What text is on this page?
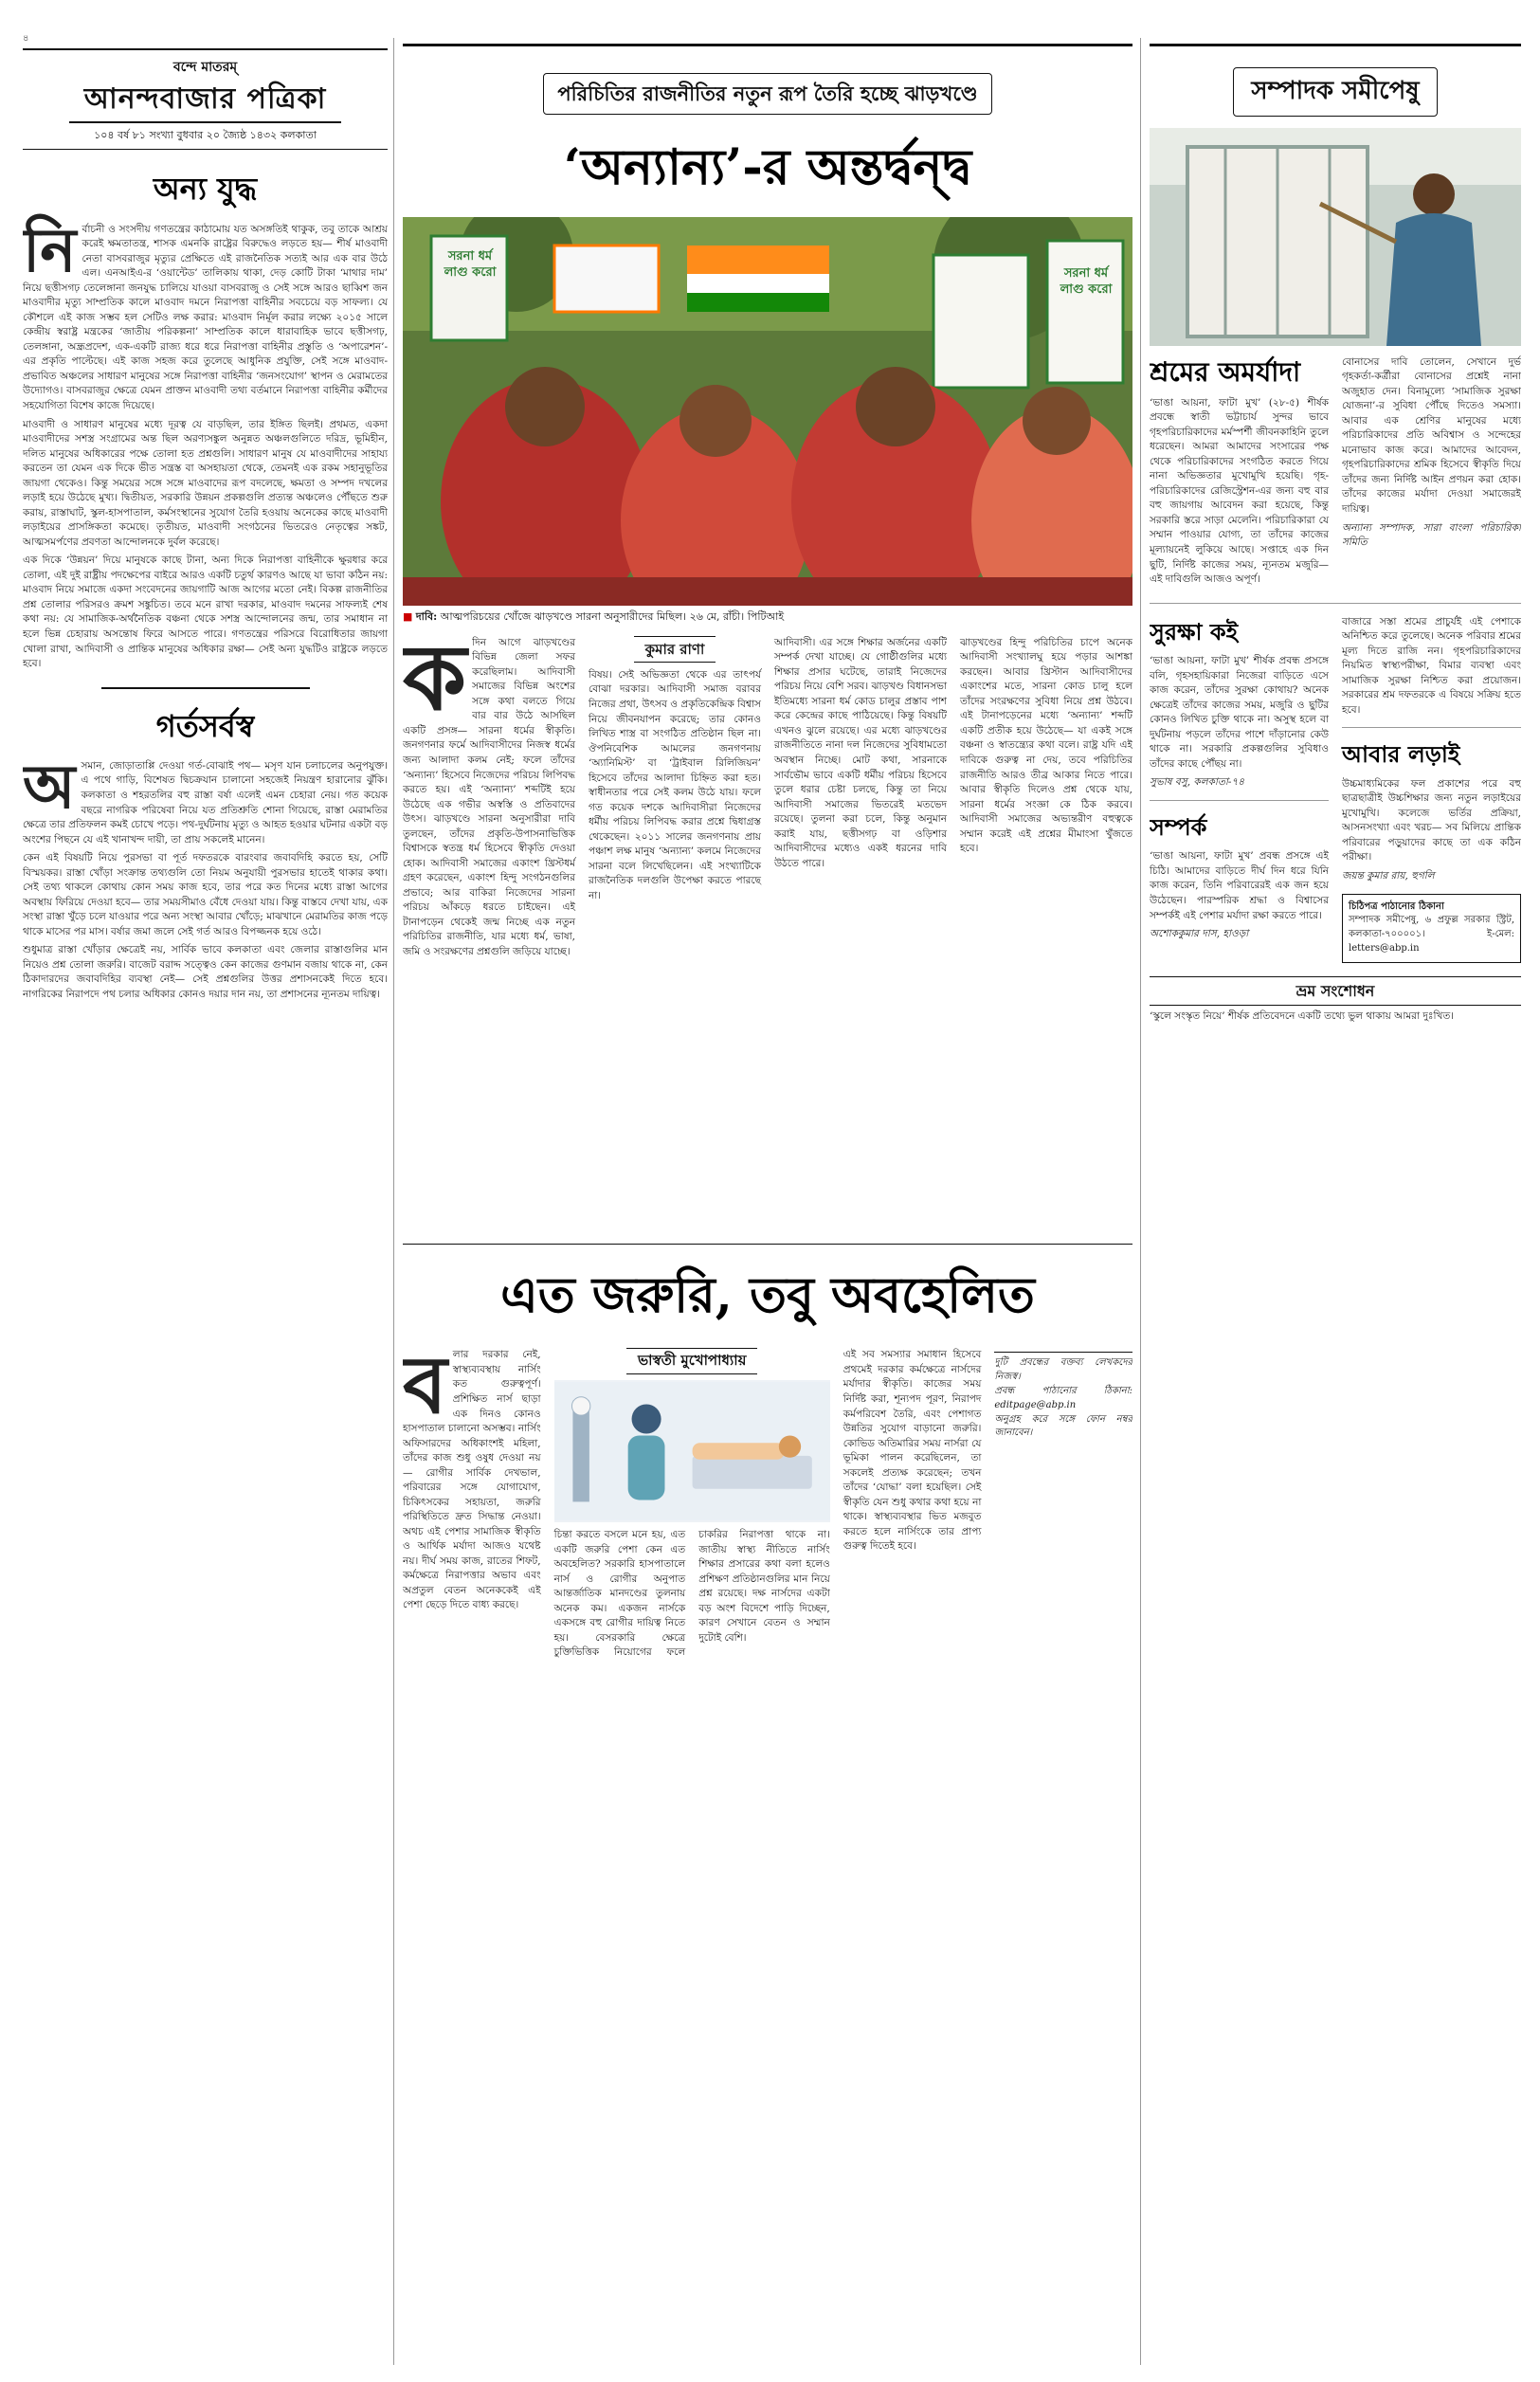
৪
বন্দে মাতরম্‌
আনন্দবাজার পত্রিকা
১০৪ বর্ষ ৮১ সংখ্যা বুধবার ২০ জ্যৈষ্ঠ ১৪৩২ কলকাতা
অন্য যুদ্ধ
নি র্বাচনী ও সংসদীয় গণতন্ত্রের কাঠামোয় যত অসঙ্গতিই থাকুক, তবু তাকে আশ্রয় করেই ক্ষমতাতন্ত্র, শাসক এমনকি রাষ্ট্রের বিরুদ্ধেও লড়তে হয়— শীর্ষ মাওবাদী নেতা বাসবরাজুর মৃত্যুর প্রেক্ষিতে এই রাজনৈতিক সত্যই আর এক বার উঠে এল। এনআইএ-র ‘ওয়ান্টেড’ তালিকায় থাকা, দেড় কোটি টাকা ‘মাথার দাম’ নিয়ে ছত্তীসগঢ় তেলেঙ্গানা জনযুদ্ধ চালিয়ে যাওয়া বাসবরাজু ও সেই সঙ্গে আরও ছাব্বিশ জন মাওবাদীর মৃত্যু সাম্প্রতিক কালে মাওবাদ দমনে নিরাপত্তা বাহিনীর সবচেয়ে বড় সাফল্য। যে কৌশলে এই কাজ সম্ভব হল সেটিও লক্ষ করার: মাওবাদ নির্মূল করার লক্ষ্যে ২০১৫ সালে কেন্দ্রীয় স্বরাষ্ট্র মন্ত্রকের ‘জাতীয় পরিকল্পনা’ সাম্প্রতিক কালে ধারাবাহিক ভাবে ছত্তীসগঢ়, তেলঙ্গানা, অন্ধ্রপ্রদেশ, এক-একটি রাজ্য ধরে ধরে নিরাপত্তা বাহিনীর প্রস্তুতি ও ‘অপারেশন’-এর প্রকৃতি পাল্টেছে। এই কাজ সহজ করে তুলেছে আধুনিক প্রযুক্তি, সেই সঙ্গে মাওবাদ-প্রভাবিত অঞ্চলের সাধারণ মানুষের সঙ্গে নিরাপত্তা বাহিনীর ‘জনসংযোগ’ স্থাপন ও মেরামতের উদ্যোগও। বাসবরাজুর ক্ষেত্রে যেমন প্রাক্তন মাওবাদী তথ্য বর্তমানে নিরাপত্তা বাহিনীর কর্মীদের সহযোগিতা বিশেষ কাজে দিয়েছে।

মাওবাদী ও সাধারণ মানুষের মধ্যে দূরত্ব যে বাড়ছিল, তার ইঙ্গিত ছিলই। প্রথমত, একদা মাওবাদীদের সশস্ত্র সংগ্রামের অন্ত ছিল অরণ্যসঙ্কুল অনুন্নত অঞ্চলগুলিতে দরিদ্র, ভূমিহীন, দলিত মানুষের অধিকারের পক্ষে তোলা হত প্রশ্নগুলি। সাধারণ মানুষ যে মাওবাদীদের সাহায্য করতেন তা যেমন এক দিকে ভীত সন্ত্রস্ত বা অসহায়তা থেকে, তেমনই এক রকম সহানুভূতির জায়গা থেকেও। কিন্তু সময়ের সঙ্গে সঙ্গে মাওবাদের রূপ বদলেছে, ক্ষমতা ও সম্পদ দখলের লড়াই হয়ে উঠেছে মুখ্য। দ্বিতীয়ত, সরকারি উন্নয়ন প্রকল্পগুলি প্রত্যন্ত অঞ্চলেও পৌঁছতে শুরু করায়, রাস্তাঘাট, স্কুল-হাসপাতাল, কর্মসংস্থানের সুযোগ তৈরি হওয়ায় অনেকের কাছে মাওবাদী লড়াইয়ের প্রাসঙ্গিকতা কমেছে। তৃতীয়ত, মাওবাদী সংগঠনের ভিতরেও নেতৃত্বের সঙ্কট, আত্মসমর্পণের প্রবণতা আন্দোলনকে দুর্বল করেছে।

এক দিকে ‘উন্নয়ন’ দিয়ে মানুষকে কাছে টানা, অন্য দিকে নিরাপত্তা বাহিনীকে ক্ষুরধার করে তোলা, এই দুই রাষ্ট্রীয় পদক্ষেপের বাইরে আরও একটি চতুর্থ কারণও আছে যা ভাবা কঠিন নয়: মাওবাদ নিয়ে সমাজে একদা সংবেদনের জায়গাটি আজ আগের মতো নেই। বিকল্প রাজনীতির প্রশ্ন তোলার পরিসরও ক্রমশ সঙ্কুচিত। তবে মনে রাখা দরকার, মাওবাদ দমনের সাফল্যই শেষ কথা নয়: যে সামাজিক-অর্থনৈতিক বঞ্চনা থেকে সশস্ত্র আন্দোলনের জন্ম, তার সমাধান না হলে ভিন্ন চেহারায় অসন্তোষ ফিরে আসতে পারে। গণতন্ত্রের পরিসরে বিরোধিতার জায়গা খোলা রাখা, আদিবাসী ও প্রান্তিক মানুষের অধিকার রক্ষা— সেই অন্য যুদ্ধটিও রাষ্ট্রকে লড়তে হবে।

গর্তসর্বস্ব
অ সমান, জোড়াতাপ্পি দেওয়া গর্ত-বোঝাই পথ— মসৃণ যান চলাচলের অনুপযুক্ত। এ পথে গাড়ি, বিশেষত দ্বিচক্রযান চালানো সহজেই নিয়ন্ত্রণ হারানোর ঝুঁকি। কলকাতা ও শহরতলির বহু রাস্তা বর্ষা এলেই এমন চেহারা নেয়। গত কয়েক বছরে নাগরিক পরিষেবা নিয়ে যত প্রতিশ্রুতি শোনা গিয়েছে, রাস্তা মেরামতির ক্ষেত্রে তার প্রতিফলন কমই চোখে পড়ে। পথ-দুর্ঘটনায় মৃত্যু ও আহত হওয়ার ঘটনার একটা বড় অংশের পিছনে যে এই খানাখন্দ দায়ী, তা প্রায় সকলেই মানেন।

কেন এই বিষয়টি নিয়ে পুরসভা বা পূর্ত দফতরকে বারংবার জবাবদিহি করতে হয়, সেটি বিস্ময়কর। রাস্তা খোঁড়া সংক্রান্ত তথ্যগুলি তো নিয়ম অনুযায়ী পুরসভার হাতেই থাকার কথা। সেই তথ্য থাকলে কোথায় কোন সময় কাজ হবে, তার পরে কত দিনের মধ্যে রাস্তা আগের অবস্থায় ফিরিয়ে দেওয়া হবে— তার সময়সীমাও বেঁধে দেওয়া যায়। কিন্তু বাস্তবে দেখা যায়, এক সংস্থা রাস্তা খুঁড়ে চলে যাওয়ার পরে অন্য সংস্থা আবার খোঁড়ে; মাঝখানে মেরামতির কাজ পড়ে থাকে মাসের পর মাস। বর্ষার জমা জলে সেই গর্ত আরও বিপজ্জনক হয়ে ওঠে।

শুধুমাত্র রাস্তা খোঁড়ার ক্ষেত্রেই নয়, সার্বিক ভাবে কলকাতা এবং জেলার রাস্তাগুলির মান নিয়েও প্রশ্ন তোলা জরুরি। বাজেট বরাদ্দ সত্ত্বেও কেন কাজের গুণমান বজায় থাকে না, কেন ঠিকাদারদের জবাবদিহির ব্যবস্থা নেই— সেই প্রশ্নগুলির উত্তর প্রশাসনকেই দিতে হবে। নাগরিকের নিরাপদে পথ চলার অধিকার কোনও দয়ার দান নয়, তা প্রশাসনের ন্যূনতম দায়িত্ব।

পরিচিতির রাজনীতির নতুন রূপ তৈরি হচ্ছে ঝাড়খণ্ডে
‘অন্যান্য’-র অন্তর্দ্বন্দ্ব
সরনা ধর্ম
লাগু করো	সরনা ধর্ম
লাগু করো
■ দাবি: আত্মপরিচয়ের খোঁজে ঝাড়খণ্ডে সারনা অনুসারীদের মিছিল। ২৬ মে, রাঁচী। পিটিআই
ক দিন আগে ঝাড়খণ্ডের বিভিন্ন জেলা সফর করেছিলাম। আদিবাসী সমাজের বিভিন্ন অংশের সঙ্গে কথা বলতে গিয়ে বার বার উঠে আসছিল একটি প্রসঙ্গ— সারনা ধর্মের স্বীকৃতি। জনগণনার ফর্মে আদিবাসীদের নিজস্ব ধর্মের জন্য আলাদা কলম নেই; ফলে তাঁদের ‘অন্যান্য’ হিসেবে নিজেদের পরিচয় লিপিবদ্ধ করতে হয়। এই ‘অন্যান্য’ শব্দটিই হয়ে উঠেছে এক গভীর অস্বস্তি ও প্রতিবাদের উৎস। ঝাড়খণ্ডে সারনা অনুসারীরা দাবি তুলছেন, তাঁদের প্রকৃতি-উপাসনাভিত্তিক বিশ্বাসকে স্বতন্ত্র ধর্ম হিসেবে স্বীকৃতি দেওয়া হোক। আদিবাসী সমাজের একাংশ খ্রিস্টধর্ম গ্রহণ করেছেন, একাংশ হিন্দু সংগঠনগুলির প্রভাবে; আর বাকিরা নিজেদের সারনা পরিচয় আঁকড়ে ধরতে চাইছেন। এই টানাপড়েন থেকেই জন্ম নিচ্ছে এক নতুন পরিচিতির রাজনীতি, যার মধ্যে ধর্ম, ভাষা, জমি ও সংরক্ষণের প্রশ্নগুলি জড়িয়ে যাচ্ছে।

কুমার রাণা

বিষয়। সেই অভিজ্ঞতা থেকে এর তাৎপর্য বোঝা দরকার। আদিবাসী সমাজ বরাবর নিজের প্রথা, উৎসব ও প্রকৃতিকেন্দ্রিক বিশ্বাস নিয়ে জীবনযাপন করেছে; তার কোনও লিখিত শাস্ত্র বা সংগঠিত প্রতিষ্ঠান ছিল না। ঔপনিবেশিক আমলের জনগণনায় ‘অ্যানিমিস্ট’ বা ‘ট্রাইবাল রিলিজিয়ন’ হিসেবে তাঁদের আলাদা চিহ্নিত করা হত। স্বাধীনতার পরে সেই কলম উঠে যায়। ফলে গত কয়েক দশকে আদিবাসীরা নিজেদের ধর্মীয় পরিচয় লিপিবদ্ধ করার প্রশ্নে দ্বিধাগ্রস্ত থেকেছেন। ২০১১ সালের জনগণনায় প্রায় পঞ্চাশ লক্ষ মানুষ ‘অন্যান্য’ কলমে নিজেদের সারনা বলে লিখেছিলেন। এই সংখ্যাটিকে রাজনৈতিক দলগুলি উপেক্ষা করতে পারছে না।

আদিবাসী। এর সঙ্গে শিক্ষার অর্জনের একটি সম্পর্ক দেখা যাচ্ছে। যে গোষ্ঠীগুলির মধ্যে শিক্ষার প্রসার ঘটেছে, তারাই নিজেদের পরিচয় নিয়ে বেশি সরব। ঝাড়খণ্ড বিধানসভা ইতিমধ্যে সারনা ধর্ম কোড চালুর প্রস্তাব পাশ করে কেন্দ্রের কাছে পাঠিয়েছে। কিন্তু বিষয়টি এখনও ঝুলে রয়েছে। এর মধ্যে ঝাড়খণ্ডের রাজনীতিতে নানা দল নিজেদের সুবিধামতো অবস্থান নিচ্ছে। মোট কথা, সারনাকে সার্বভৌম ভাবে একটি ধর্মীয় পরিচয় হিসেবে তুলে ধরার চেষ্টা চলছে, কিন্তু তা নিয়ে আদিবাসী সমাজের ভিতরেই মতভেদ রয়েছে। তুলনা করা চলে, কিন্তু অনুমান করাই যায়, ছত্তীসগঢ় বা ওড়িশার আদিবাসীদের মধ্যেও একই ধরনের দাবি উঠতে পারে।

ঝাড়খণ্ডের হিন্দু পরিচিতির চাপে অনেক আদিবাসী সংখ্যালঘু হয়ে পড়ার আশঙ্কা করছেন। আবার খ্রিস্টান আদিবাসীদের একাংশের মতে, সারনা কোড চালু হলে তাঁদের সংরক্ষণের সুবিধা নিয়ে প্রশ্ন উঠবে। এই টানাপড়েনের মধ্যে ‘অন্যান্য’ শব্দটি একটি প্রতীক হয়ে উঠেছে— যা একই সঙ্গে বঞ্চনা ও স্বাতন্ত্র্যের কথা বলে। রাষ্ট্র যদি এই দাবিকে গুরুত্ব না দেয়, তবে পরিচিতির রাজনীতি আরও তীব্র আকার নিতে পারে। আবার স্বীকৃতি দিলেও প্রশ্ন থেকে যায়, সারনা ধর্মের সংজ্ঞা কে ঠিক করবে। আদিবাসী সমাজের অভ্যন্তরীণ বহুত্বকে সম্মান করেই এই প্রশ্নের মীমাংসা খুঁজতে হবে।

এত জরুরি, তবু অবহেলিত
ব লার দরকার নেই, স্বাস্থ্যব্যবস্থায় নার্সিং কত গুরুত্বপূর্ণ। প্রশিক্ষিত নার্স ছাড়া এক দিনও কোনও হাসপাতাল চালানো অসম্ভব। নার্সিং অফিসারদের অধিকাংশই মহিলা, তাঁদের কাজ শুধু ওষুধ দেওয়া নয়— রোগীর সার্বিক দেখভাল, পরিবারের সঙ্গে যোগাযোগ, চিকিৎসকের সহায়তা, জরুরি পরিস্থিতিতে দ্রুত সিদ্ধান্ত নেওয়া। অথচ এই পেশার সামাজিক স্বীকৃতি ও আর্থিক মর্যাদা আজও যথেষ্ট নয়। দীর্ঘ সময় কাজ, রাতের শিফট, কর্মক্ষেত্রে নিরাপত্তার অভাব এবং অপ্রতুল বেতন অনেককেই এই পেশা ছেড়ে দিতে বাধ্য করছে।

ভাস্বতী মুখোপাধ্যায়

চিন্তা করতে বসলে মনে হয়, এত একটি জরুরি পেশা কেন এত অবহেলিত? সরকারি হাসপাতালে নার্স ও রোগীর অনুপাত আন্তর্জাতিক মানদণ্ডের তুলনায় অনেক কম। একজন নার্সকে একসঙ্গে বহু রোগীর দায়িত্ব নিতে হয়। বেসরকারি ক্ষেত্রে চুক্তিভিত্তিক নিয়োগের ফলে চাকরির নিরাপত্তা থাকে না। জাতীয় স্বাস্থ্য নীতিতে নার্সিং শিক্ষার প্রসারের কথা বলা হলেও প্রশিক্ষণ প্রতিষ্ঠানগুলির মান নিয়ে প্রশ্ন রয়েছে। দক্ষ নার্সদের একটা বড় অংশ বিদেশে পাড়ি দিচ্ছেন, কারণ সেখানে বেতন ও সম্মান দুটোই বেশি।

এই সব সমস্যার সমাধান হিসেবে প্রথমেই দরকার কর্মক্ষেত্রে নার্সদের মর্যাদার স্বীকৃতি। কাজের সময় নির্দিষ্ট করা, শূন্যপদ পূরণ, নিরাপদ কর্মপরিবেশ তৈরি, এবং পেশাগত উন্নতির সুযোগ বাড়ানো জরুরি। কোভিড অতিমারির সময় নার্সরা যে ভূমিকা পালন করেছিলেন, তা সকলেই প্রত্যক্ষ করেছেন; তখন তাঁদের ‘যোদ্ধা’ বলা হয়েছিল। সেই স্বীকৃতি যেন শুধু কথার কথা হয়ে না থাকে। স্বাস্থ্যব্যবস্থার ভিত মজবুত করতে হলে নার্সিংকে তার প্রাপ্য গুরুত্ব দিতেই হবে।

দুটি প্রবন্ধের বক্তব্য লেখকদের নিজস্ব।
প্রবন্ধ পাঠানোর ঠিকানা: editpage@abp.in
অনুগ্রহ করে সঙ্গে ফোন নম্বর জানাবেন।
সম্পাদক সমীপেষু
শ্রমের অমর্যাদা

‘ভাঙা আয়না, ফাটা মুখ’ (২৮-৫) শীর্ষক প্রবন্ধে স্বাতী ভট্টাচার্য সুন্দর ভাবে গৃহপরিচারিকাদের মর্মস্পর্শী জীবনকাহিনি তুলে ধরেছেন। আমরা আমাদের সংসারের পক্ষ থেকে পরিচারিকাদের সংগঠিত করতে গিয়ে নানা অভিজ্ঞতার মুখোমুখি হয়েছি। গৃহ-পরিচারিকাদের রেজিস্ট্রেশন-এর জন্য বহু বার বহু জায়গায় আবেদন করা হয়েছে, কিন্তু সরকারি স্তরে সাড়া মেলেনি। পরিচারিকারা যে সম্মান পাওয়ার যোগ্য, তা তাঁদের কাজের মূল্যায়নেই লুকিয়ে আছে। সপ্তাহে এক দিন ছুটি, নির্দিষ্ট কাজের সময়, ন্যূনতম মজুরি— এই দাবিগুলি আজও অপূর্ণ।

বোনাসের দাবি তোলেন, সেখানে দুর্ভ গৃহকর্তা-কর্ত্রীরা বোনাসের প্রশ্নেই নানা অজুহাত দেন। বিনামূল্যে ‘সামাজিক সুরক্ষা যোজনা’-র সুবিধা পৌঁছে দিতেও সমস্যা। আবার এক শ্রেণির মানুষের মধ্যে পরিচারিকাদের প্রতি অবিশ্বাস ও সন্দেহের মনোভাব কাজ করে। আমাদের আবেদন, গৃহপরিচারিকাদের শ্রমিক হিসেবে স্বীকৃতি দিয়ে তাঁদের জন্য নির্দিষ্ট আইন প্রণয়ন করা হোক। তাঁদের কাজের মর্যাদা দেওয়া সমাজেরই দায়িত্ব।

অন্যান্য সম্পাদক, সারা বাংলা পরিচারিকা সমিতি
সুরক্ষা কই

‘ভাঙা আয়না, ফাটা মুখ’ শীর্ষক প্রবন্ধ প্রসঙ্গে বলি, গৃহসহায়িকারা নিজেরা বাড়িতে এসে কাজ করেন, তাঁদের সুরক্ষা কোথায়? অনেক ক্ষেত্রেই তাঁদের কাজের সময়, মজুরি ও ছুটির কোনও লিখিত চুক্তি থাকে না। অসুস্থ হলে বা দুর্ঘটনায় পড়লে তাঁদের পাশে দাঁড়ানোর কেউ থাকে না। সরকারি প্রকল্পগুলির সুবিধাও তাঁদের কাছে পৌঁছয় না।

সুভাষ বসু, কলকাতা-৭৪
সম্পর্ক

‘ভাঙা আয়না, ফাটা মুখ’ প্রবন্ধ প্রসঙ্গে এই চিঠি। আমাদের বাড়িতে দীর্ঘ দিন ধরে যিনি কাজ করেন, তিনি পরিবারেরই এক জন হয়ে উঠেছেন। পারস্পরিক শ্রদ্ধা ও বিশ্বাসের সম্পর্কই এই পেশার মর্যাদা রক্ষা করতে পারে।

অশোককুমার দাস, হাওড়া

বাজারে সস্তা শ্রমের প্রাচুর্যই এই পেশাকে অনিশ্চিত করে তুলেছে। অনেক পরিবার শ্রমের মূল্য দিতে রাজি নন। গৃহপরিচারিকাদের নিয়মিত স্বাস্থ্যপরীক্ষা, বিমার ব্যবস্থা এবং সামাজিক সুরক্ষা নিশ্চিত করা প্রয়োজন। সরকারের শ্রম দফতরকে এ বিষয়ে সক্রিয় হতে হবে।

আবার লড়াই

উচ্চমাধ্যমিকের ফল প্রকাশের পরে বহু ছাত্রছাত্রীই উচ্চশিক্ষার জন্য নতুন লড়াইয়ের মুখোমুখি। কলেজে ভর্তির প্রক্রিয়া, আসনসংখ্যা এবং খরচ— সব মিলিয়ে প্রান্তিক পরিবারের পড়ুয়াদের কাছে তা এক কঠিন পরীক্ষা।

জয়ন্ত কুমার রায়, হুগলি
চিঠিপত্র পাঠানোর ঠিকানা
সম্পাদক সমীপেষু, ৬ প্রফুল্ল সরকার স্ট্রিট, কলকাতা-৭০০০০১। ই-মেল: letters@abp.in
ভ্রম সংশোধন
‘স্কুলে সংস্কৃত নিয়ে’ শীর্ষক প্রতিবেদনে একটি তথ্যে ভুল থাকায় আমরা দুঃখিত।
